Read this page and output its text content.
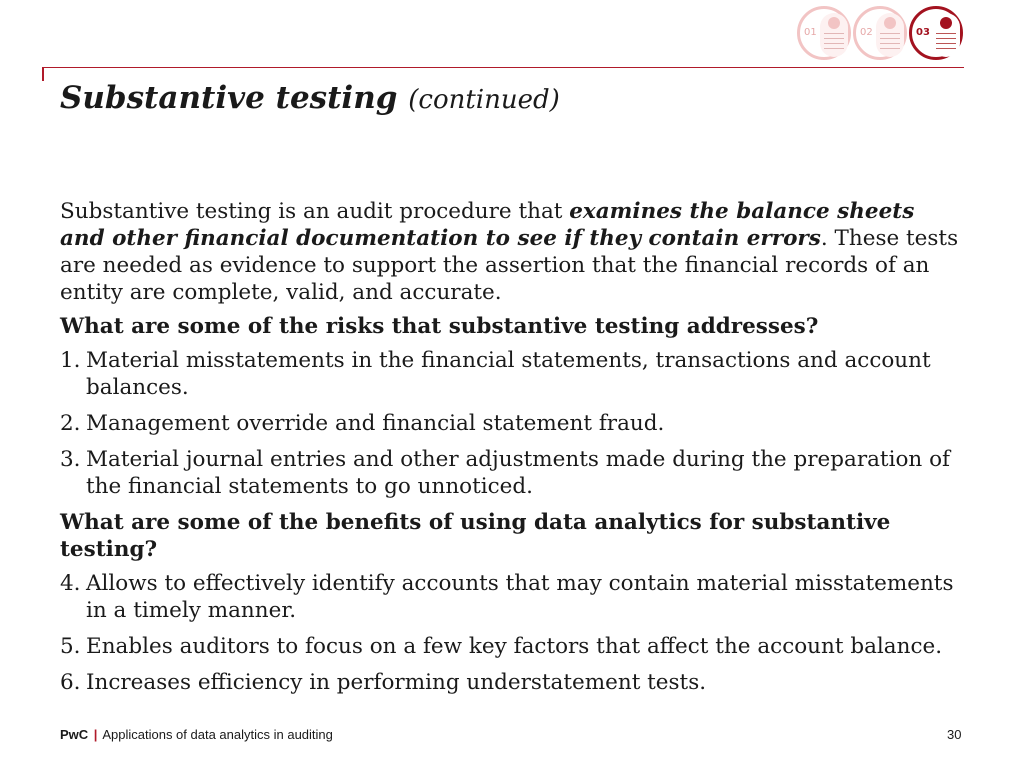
01	02	03
Substantive testing (continued)

Substantive testing is an audit procedure that examines the balance sheets and other financial documentation to see if they contain errors. These tests are needed as evidence to support the assertion that the financial records of an entity are complete, valid, and accurate.

What are some of the risks that substantive testing addresses?

1. Material misstatements in the financial statements, transactions and account balances.
2. Management override and financial statement fraud.
3. Material journal entries and other adjustments made during the preparation of the financial statements to go unnoticed.

What are some of the benefits of using data analytics for substantive testing?

4. Allows to effectively identify accounts that may contain material misstatements in a timely manner.
5. Enables auditors to focus on a few key factors that affect the account balance.
6. Increases efficiency in performing understatement tests.
PwC | Applications of data analytics in auditing	30
